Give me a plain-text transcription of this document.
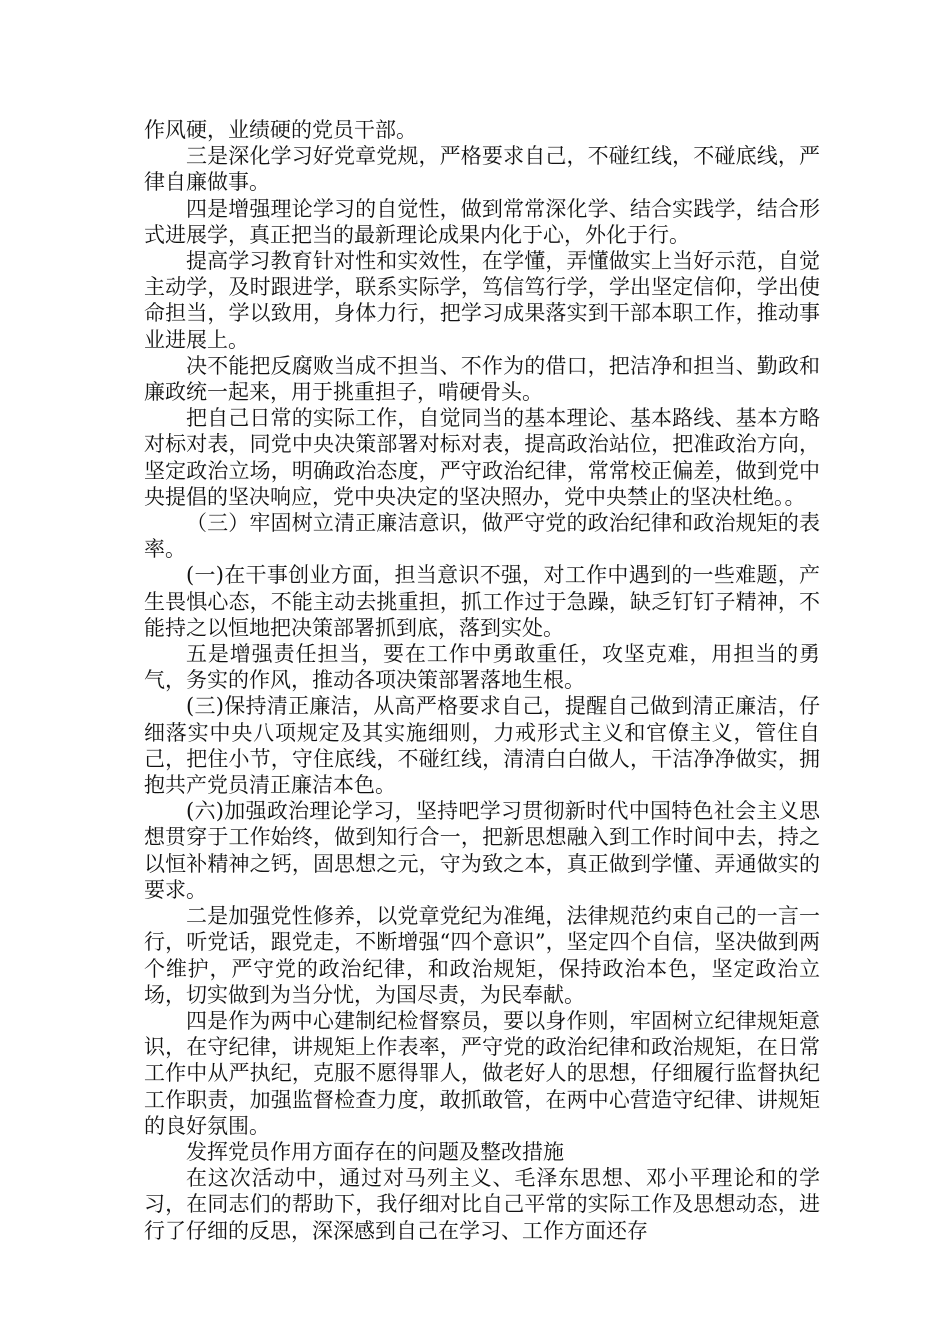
作风硬，业绩硬的党员干部。

三是深化学习好党章党规，严格要求自己，不碰红线，不碰底线，严律自廉做事。

四是增强理论学习的自觉性，做到常常深化学、结合实践学，结合形式进展学，真正把当的最新理论成果内化于心，外化于行。

提高学习教育针对性和实效性，在学懂，弄懂做实上当好示范，自觉主动学，及时跟进学，联系实际学，笃信笃行学，学出坚定信仰，学出使命担当，学以致用，身体力行，把学习成果落实到干部本职工作，推动事业进展上。

决不能把反腐败当成不担当、不作为的借口，把洁净和担当、勤政和廉政统一起来，用于挑重担子，啃硬骨头。

把自己日常的实际工作，自觉同当的基本理论、基本路线、基本方略对标对表，同党中央决策部署对标对表，提高政治站位，把准政治方向，坚定政治立场，明确政治态度，严守政治纪律，常常校正偏差，做到党中央提倡的坚决响应，党中央决定的坚决照办，党中央禁止的坚决杜绝。。

（三）牢固树立清正廉洁意识，做严守党的政治纪律和政治规矩的表率。

(一)在干事创业方面，担当意识不强，对工作中遇到的一些难题，产生畏惧心态，不能主动去挑重担，抓工作过于急躁，缺乏钉钉子精神，不能持之以恒地把决策部署抓到底，落到实处。

五是增强责任担当，要在工作中勇敢重任，攻坚克难，用担当的勇气，务实的作风，推动各项决策部署落地生根。

(三)保持清正廉洁，从高严格要求自己，提醒自己做到清正廉洁，仔细落实中央八项规定及其实施细则，力戒形式主义和官僚主义，管住自己，把住小节，守住底线，不碰红线，清清白白做人，干洁净净做实，拥抱共产党员清正廉洁本色。

(六)加强政治理论学习，坚持吧学习贯彻新时代中国特色社会主义思想贯穿于工作始终，做到知行合一，把新思想融入到工作时间中去，持之以恒补精神之钙，固思想之元，守为致之本，真正做到学懂、弄通做实的要求。

二是加强党性修养，以党章党纪为准绳，法律规范约束自己的一言一行，听党话，跟党走，不断增强“四个意识”，坚定四个自信，坚决做到两个维护，严守党的政治纪律，和政治规矩，保持政治本色，坚定政治立场，切实做到为当分忧，为国尽责，为民奉献。

四是作为两中心建制纪检督察员，要以身作则，牢固树立纪律规矩意识，在守纪律，讲规矩上作表率，严守党的政治纪律和政治规矩，在日常工作中从严执纪，克服不愿得罪人，做老好人的思想，仔细履行监督执纪工作职责，加强监督检查力度，敢抓敢管，在两中心营造守纪律、讲规矩的良好氛围。

发挥党员作用方面存在的问题及整改措施

在这次活动中，通过对马列主义、毛泽东思想、邓小平理论和的学习，在同志们的帮助下，我仔细对比自己平常的实际工作及思想动态，进行了仔细的反思，深深感到自己在学习、工作方面还存
